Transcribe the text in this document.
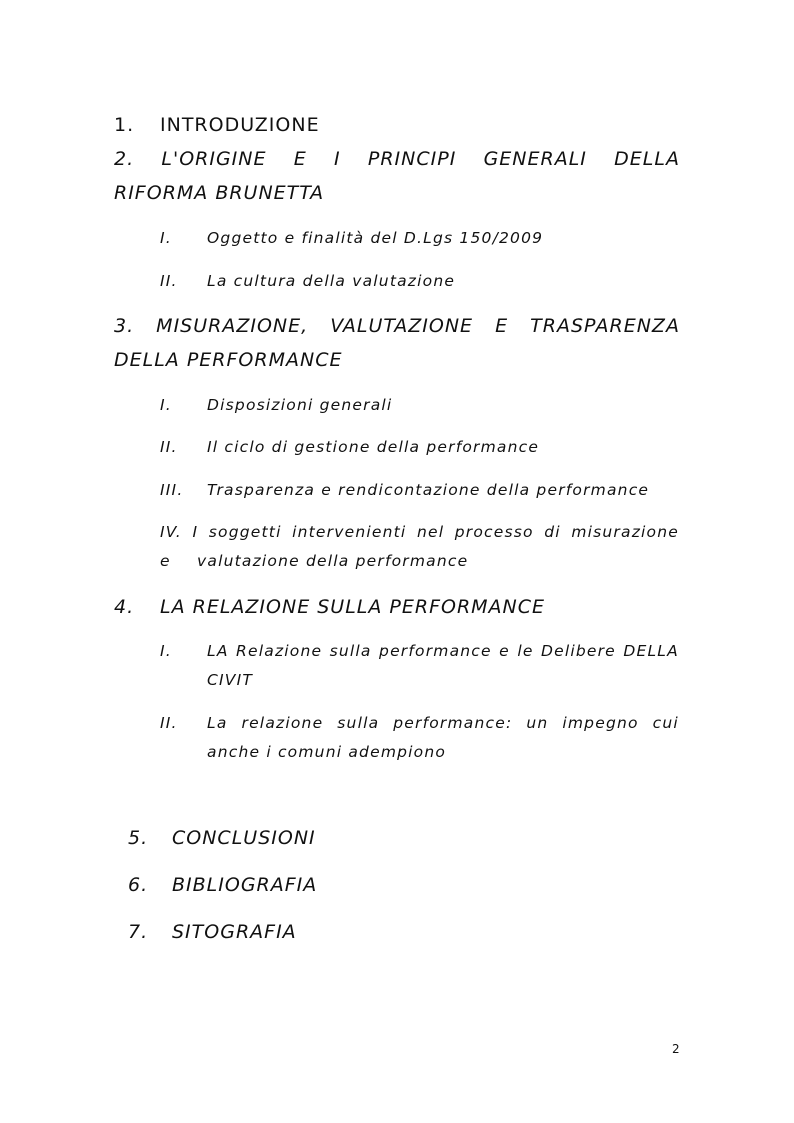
1. INTRODUZIONE
2. L'ORIGINE E I PRINCIPI GENERALI DELLA
RIFORMA BRUNETTA
I. Oggetto e finalità del D.Lgs 150/2009
II. La cultura della valutazione
3. MISURAZIONE, VALUTAZIONE E TRASPARENZA
DELLA PERFORMANCE
I. Disposizioni generali
II. Il ciclo di gestione della performance
III. Trasparenza e rendicontazione della performance
IV. I soggetti intervenienti nel processo di misurazione
e valutazione della performance
4. LA RELAZIONE SULLA PERFORMANCE
I. LA Relazione sulla performance e le Delibere DELLA
CIVIT
II. La relazione sulla performance: un impegno cui
anche i comuni adempiono
5. CONCLUSIONI
6. BIBLIOGRAFIA
7. SITOGRAFIA
2
